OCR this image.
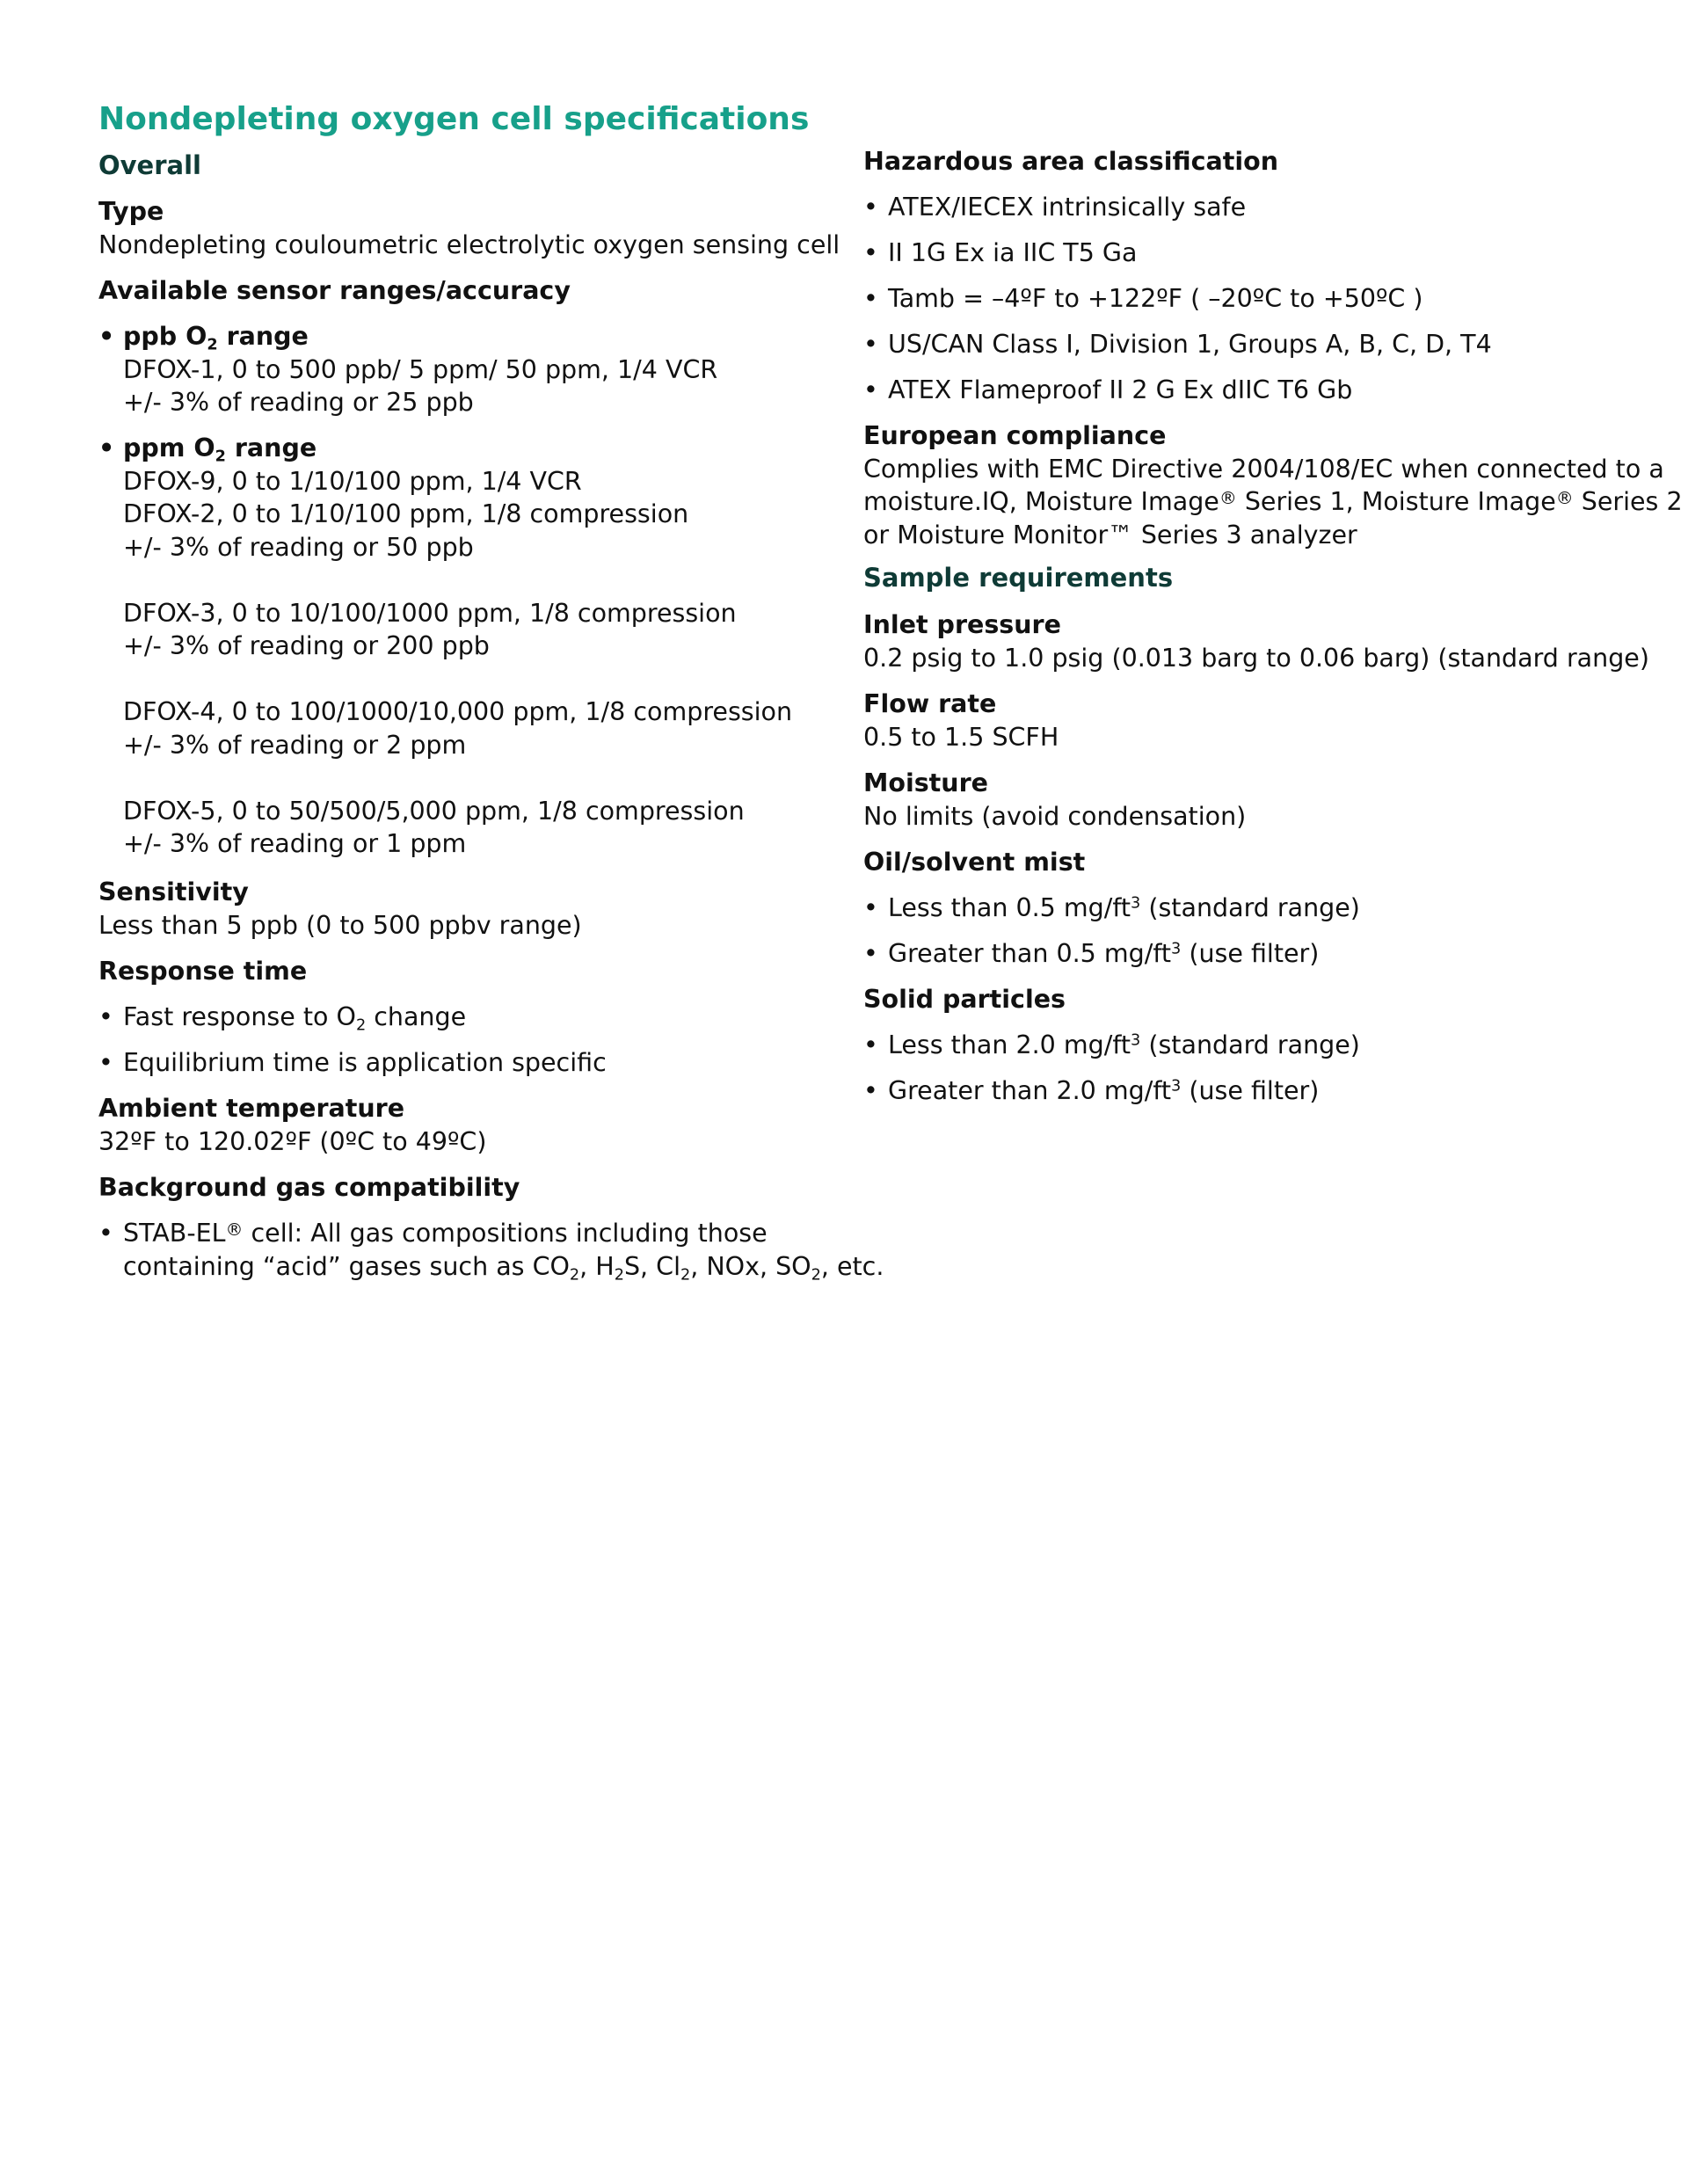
Nondepleting oxygen cell specifications
Overall
Type
Nondepleting couloumetric electrolytic oxygen sensing cell
Available sensor ranges/accuracy
• ppb $O_2$ range
DFOX-1, 0 to 500 ppb/ 5 ppm/ 50 ppm, 1/4 VCR
+/- 3% of reading or 25 ppb
• ppm $O_2$ range
DFOX-9, 0 to 1/10/100 ppm, 1/4 VCR
DFOX-2, 0 to 1/10/100 ppm, 1/8 compression
+/- 3% of reading or 50 ppb
DFOX-3, 0 to 10/100/1000 ppm, 1/8 compression
+/- 3% of reading or 200 ppb
DFOX-4, 0 to 100/1000/10,000 ppm, 1/8 compression
+/- 3% of reading or 2 ppm
DFOX-5, 0 to 50/500/5,000 ppm, 1/8 compression
+/- 3% of reading or 1 ppm
Sensitivity
Less than 5 ppb (0 to 500 ppbv range)
Response time
• Fast response to $O_2$ change
• Equilibrium time is application specific
Ambient temperature
32ºF to 120.02ºF (0ºC to 49ºC)
Background gas compatibility
• STAB-EL® cell: All gas compositions including those
containing “acid” gases such as $CO_2$, $H_2S$, $Cl_2$, NOx, $SO_2$, etc.
Hazardous area classification
• ATEX/IECEX intrinsically safe
• II 1G Ex ia IIC T5 Ga
• Tamb = –4ºF to +122ºF ( –20ºC to +50ºC )
• US/CAN Class I, Division 1, Groups A, B, C, D, T4
• ATEX Flameproof II 2 G Ex dIIC T6 Gb
European compliance
Complies with EMC Directive 2004/108/EC when connected to a
moisture.IQ, Moisture Image® Series 1, Moisture Image® Series 2
or Moisture Monitor™ Series 3 analyzer
Sample requirements
Inlet pressure
0.2 psig to 1.0 psig (0.013 barg to 0.06 barg) (standard range)
Flow rate
0.5 to 1.5 SCFH
Moisture
No limits (avoid condensation)
Oil/solvent mist
• Less than 0.5 $mg/ft^3$ (standard range)
• Greater than 0.5 $mg/ft^3$ (use filter)
Solid particles
• Less than 2.0 $mg/ft^3$ (standard range)
• Greater than 2.0 $mg/ft^3$ (use filter)
